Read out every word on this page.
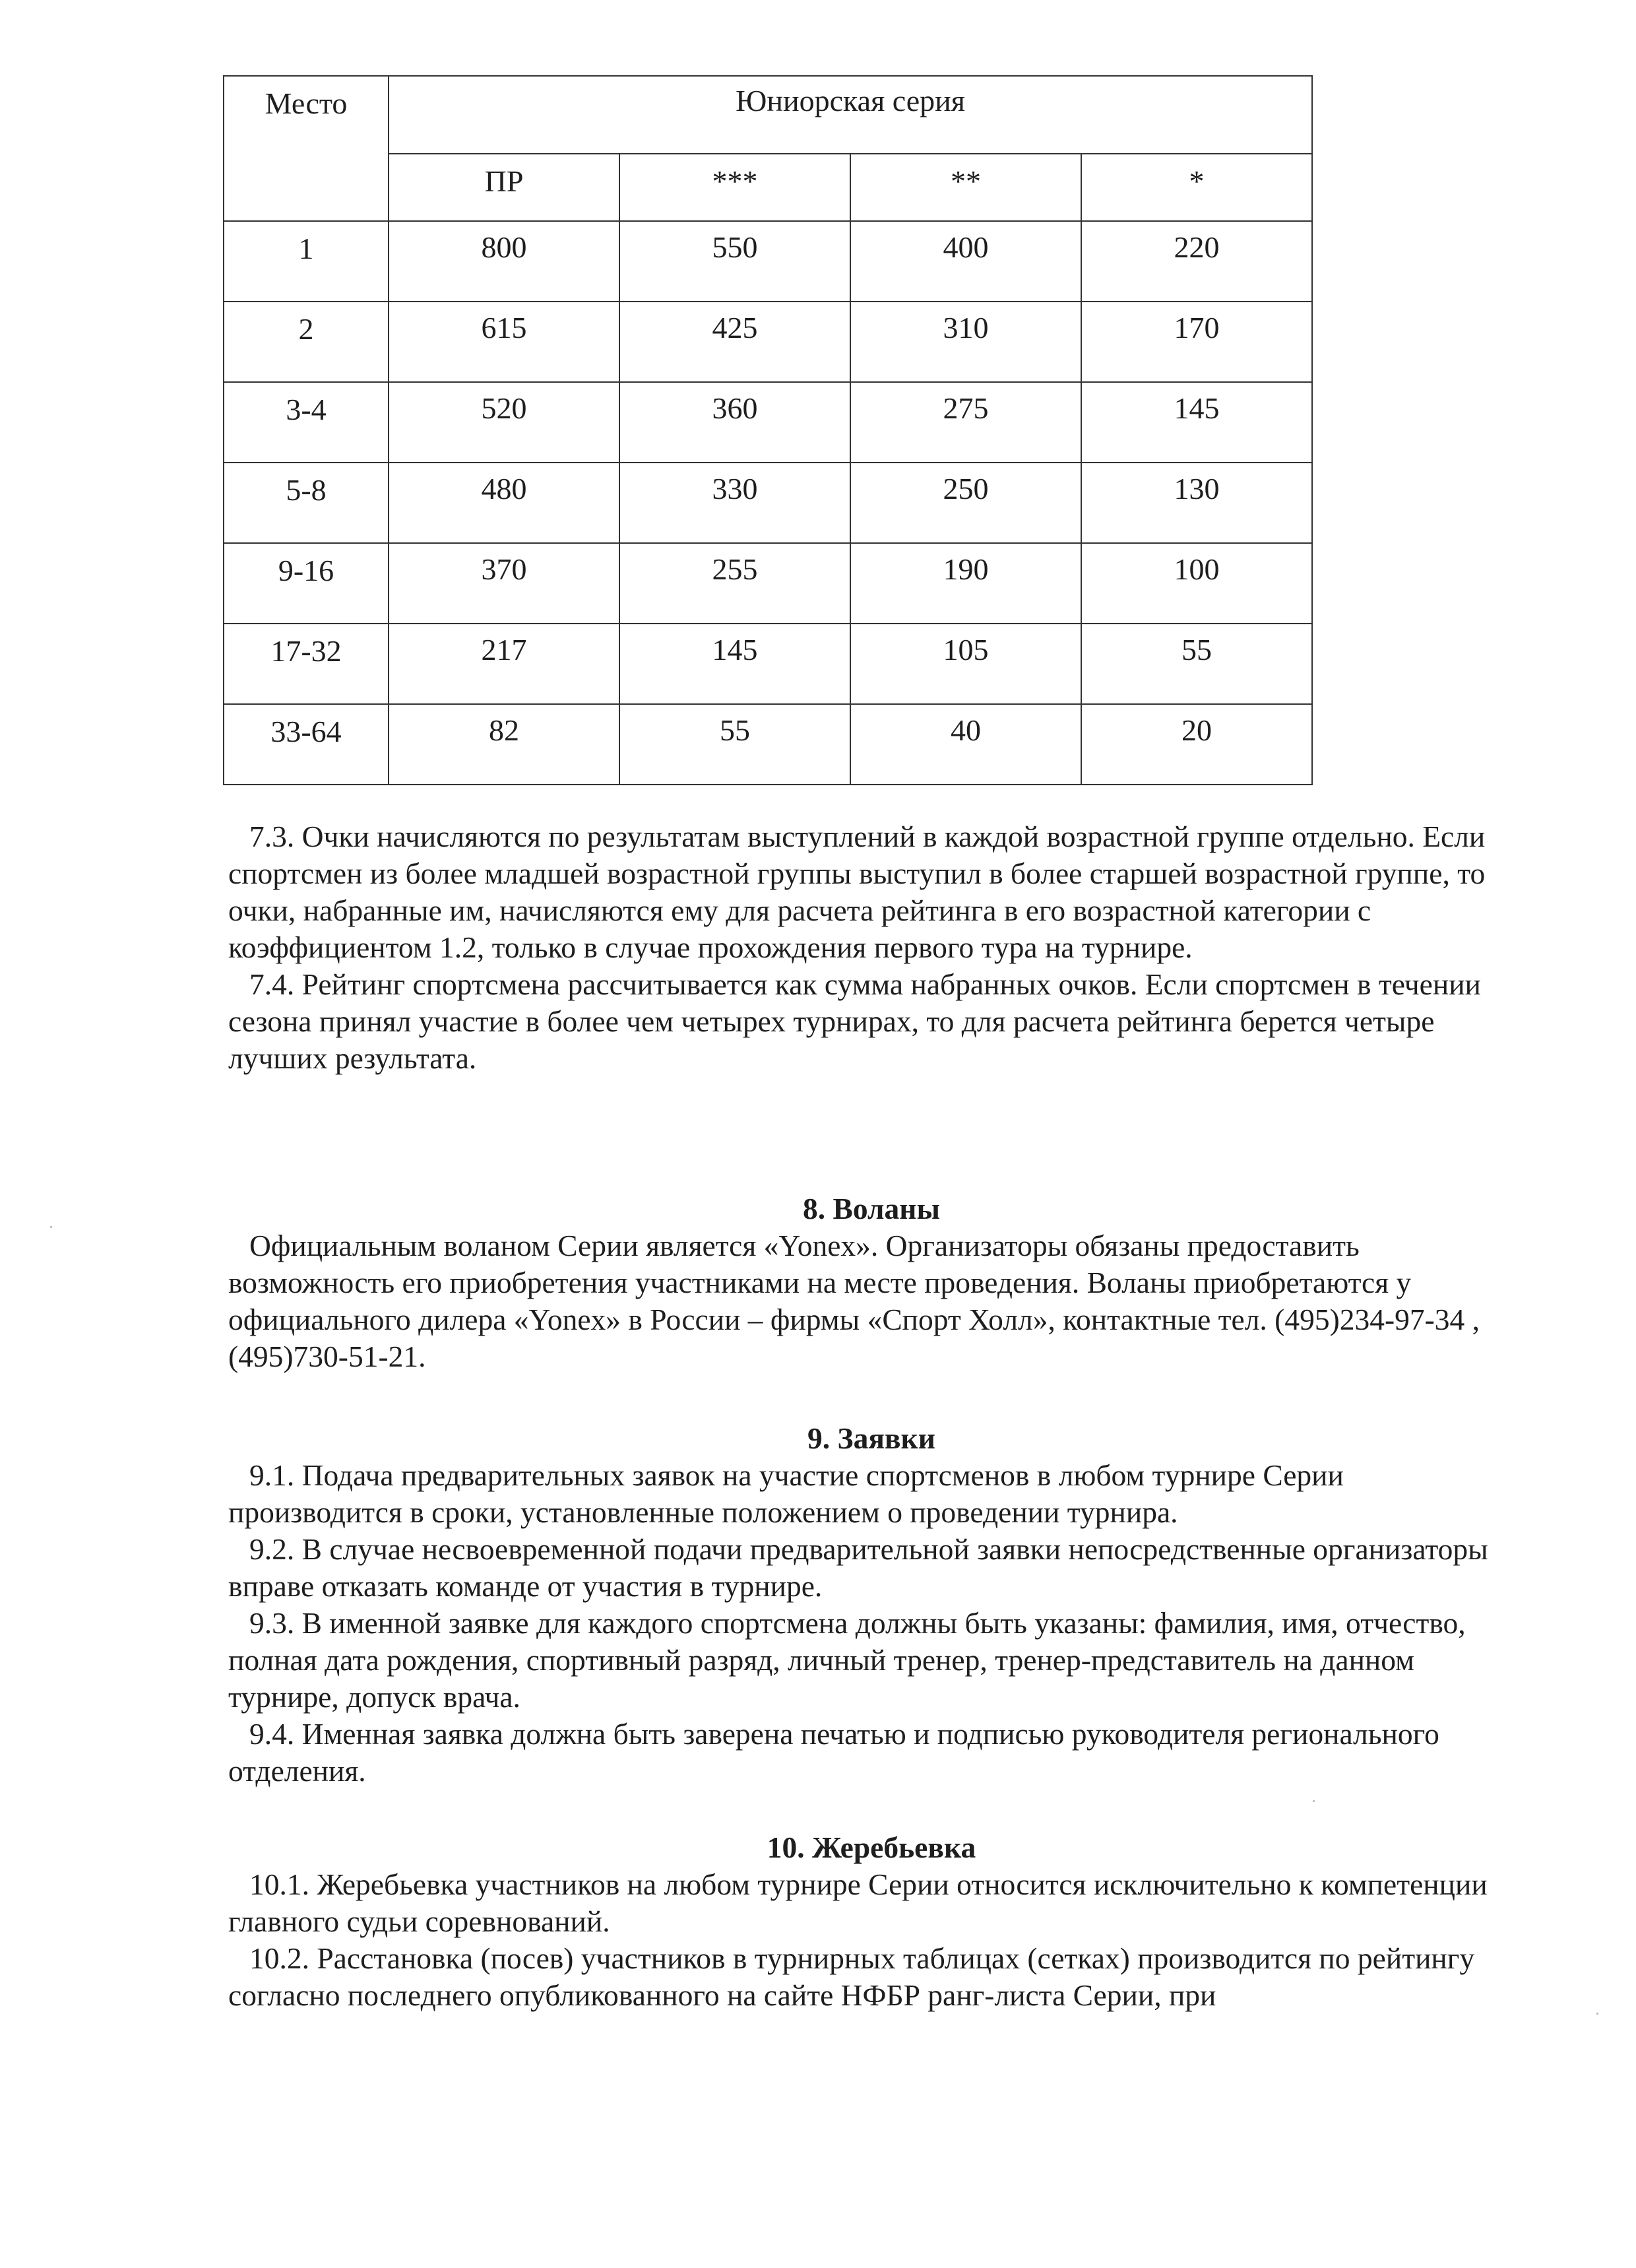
Место	Юниорская серия			
	ПР	***	**	*
1	800	550	400	220
2	615	425	310	170
3-4	520	360	275	145
5-8	480	330	250	130
9-16	370	255	190	100
17-32	217	145	105	55
33-64	82	55	40	20

7.3. Очки начисляются по результатам выступлений в каждой возрастной группе отдельно. Если спортсмен из более младшей возрастной группы выступил в более старшей возрастной группе, то очки, набранные им, начисляются ему для расчета рейтинга в его возрастной категории с коэффициентом 1.2, только в случае прохождения первого тура на турнире.

7.4. Рейтинг спортсмена рассчитывается как сумма набранных очков. Если спортсмен в течении сезона принял участие в более чем четырех турнирах, то для расчета рейтинга берется четыре лучших результата.

8. Воланы

Официальным воланом Серии является «Yonex». Организаторы обязаны предоставить возможность его приобретения участниками на месте проведения. Воланы приобретаются у официального дилера «Yonex» в России – фирмы «Спорт Холл», контактные тел. (495)234-97-34 , (495)730-51-21.

9. Заявки

9.1. Подача предварительных заявок на участие спортсменов в любом турнире Серии производится в сроки, установленные положением о проведении турнира.

9.2. В случае несвоевременной подачи предварительной заявки непосредственные организаторы вправе отказать команде от участия в турнире.

9.3. В именной заявке для каждого спортсмена должны быть указаны: фамилия, имя, отчество, полная дата рождения, спортивный разряд, личный тренер, тренер-представитель на данном турнире, допуск врача.

9.4. Именная заявка должна быть заверена печатью и подписью руководителя регионального отделения.

10. Жеребьевка

10.1. Жеребьевка участников на любом турнире Серии относится исключительно к компетенции главного судьи соревнований.

10.2. Расстановка (посев) участников в турнирных таблицах (сетках) производится по рейтингу согласно последнего опубликованного на сайте НФБР ранг-листа Серии, при
